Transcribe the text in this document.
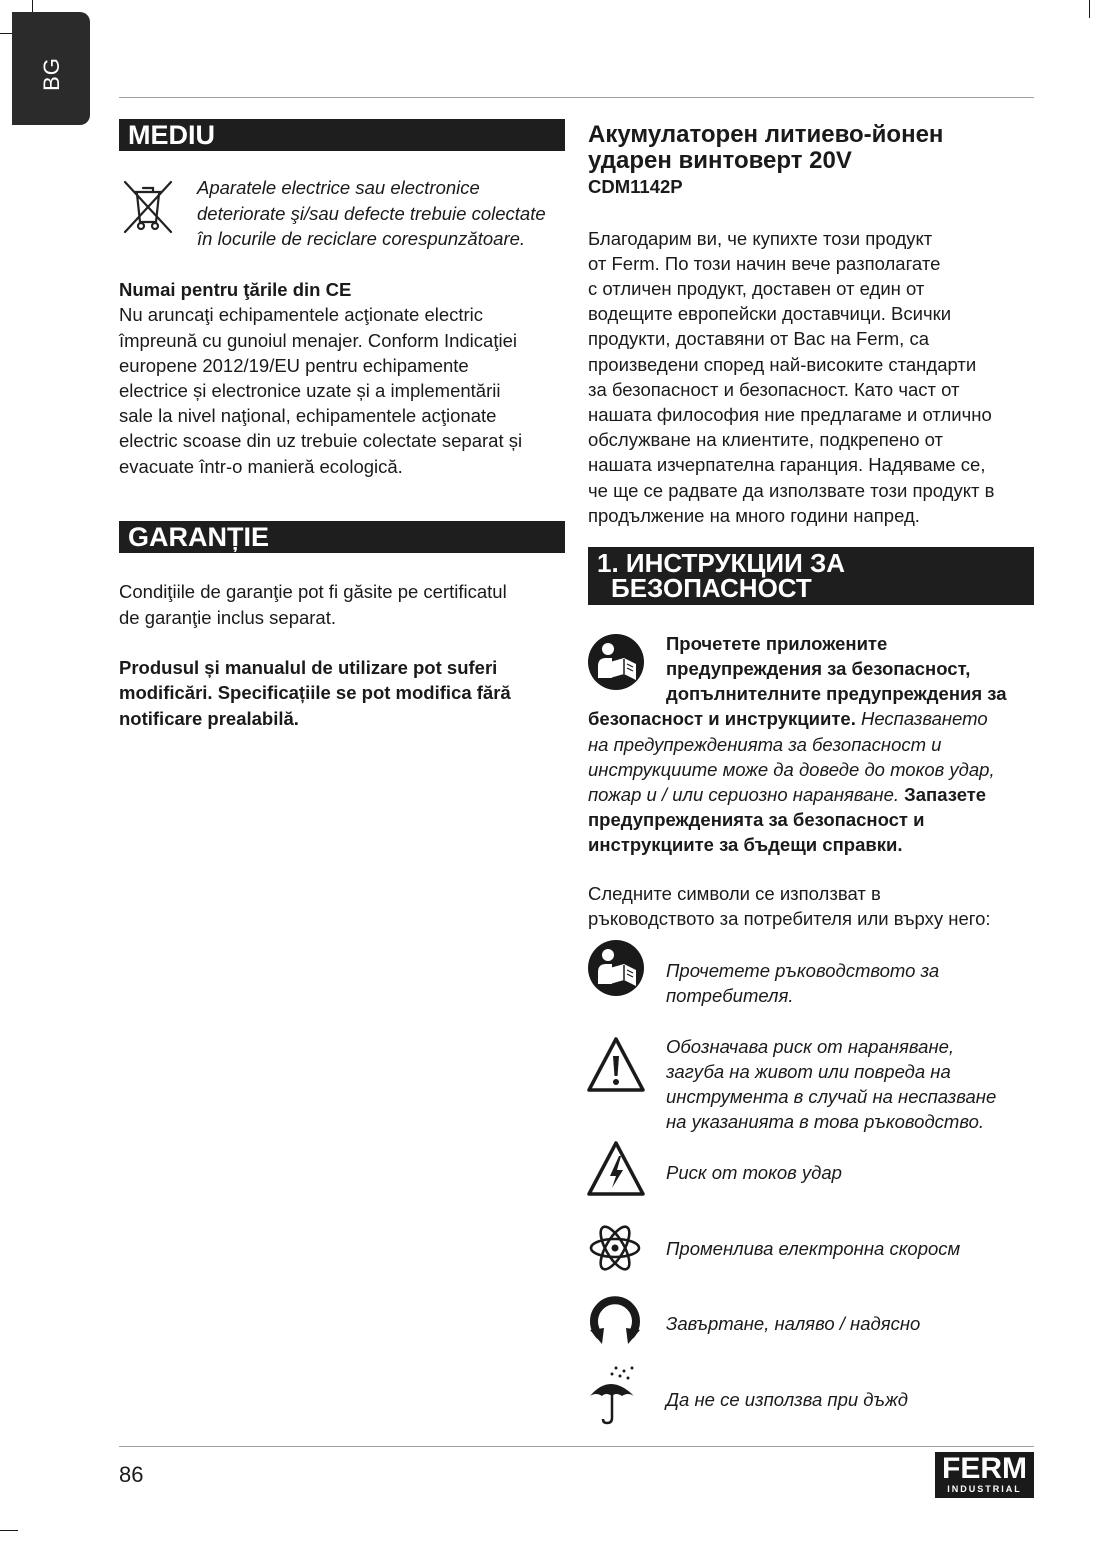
BG
MEDIU
Aparatele electrice sau electronice
deteriorate şi/sau defecte trebuie colectate
în locurile de reciclare corespunzătoare.
Numai pentru ţările din CE
Nu aruncaţi echipamentele acţionate electric
împreună cu gunoiul menajer. Conform Indicaţiei
europene 2012/19/EU pentru echipamente
electrice și electronice uzate și a implementării
sale la nivel naţional, echipamentele acţionate
electric scoase din uz trebuie colectate separat și
evacuate într-o manieră ecologică.
GARANȚIE
Condiţiile de garanţie pot fi găsite pe certificatul
de garanţie inclus separat.
Produsul și manualul de utilizare pot suferi
modificări. Specificațiile se pot modifica fără
notificare prealabilă.
Акумулаторен литиево-йонен
ударен винтоверт 20V
CDM1142P
Благодарим ви, че купихте този продукт
от Ferm. По този начин вече разполагате
с отличен продукт, доставен от един от
водещите европейски доставчици. Всички
продукти, доставяни от Вас на Ferm, са
произведени според най-високите стандарти
за безопасност и безопасност. Като част от
нашата философия ние предлагаме и отлично
обслужване на клиентите, подкрепено от
нашата изчерпателна гаранция. Надяваме се,
че ще се радвате да използвате този продукт в
продължение на много години напред.
1. ИНСТРУКЦИИ ЗА
БЕЗОПАСНОСТ
Прочетете приложените
предупреждения за безопасност,
допълнителните предупреждения за
безопасност и инструкциите. Неспазването
на предупрежденията за безопасност и
инструкциите може да доведе до токов удар,
пожар и / или сериозно нараняване. Запазете
предупрежденията за безопасност и
инструкциите за бъдещи справки.
Следните символи се използват в
ръководството за потребителя или върху него:
Прочетете ръководството за
потребителя.
Обозначава риск от нараняване,
загуба на живот или повреда на
инструмента в случай на неспазване
на указанията в това ръководство.
Риск от токов удар
Променлива електронна скоросм
Завъртане, наляво / надясно
Да не се използва при дъжд
86	FERM
INDUSTRIAL
